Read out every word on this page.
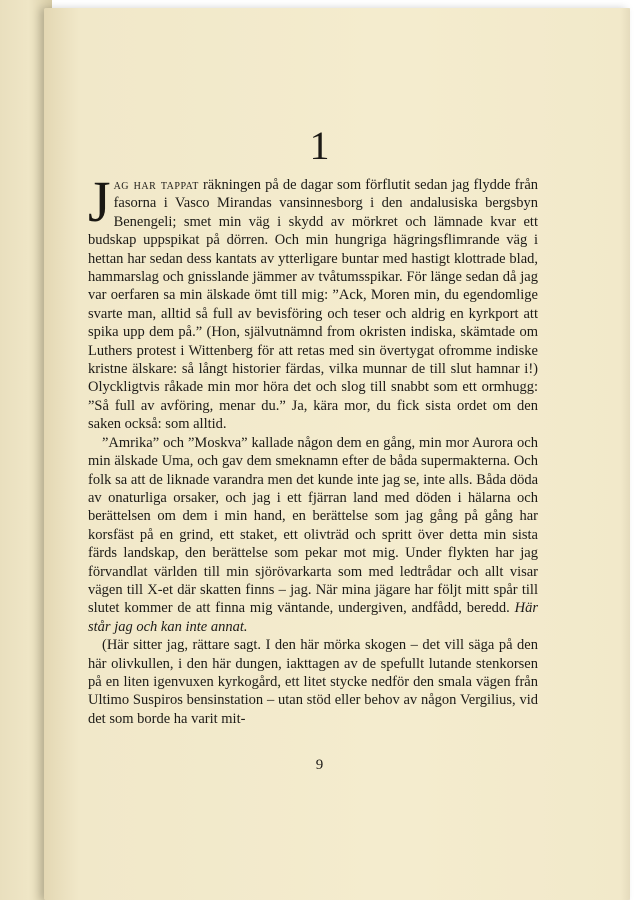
1

Jag har tappat räkningen på de dagar som förflutit sedan jag flydde från fasorna i Vasco Mirandas vansinnesborg i den andalusiska bergsbyn Benengeli; smet min väg i skydd av mörkret och lämnade kvar ett budskap uppspikat på dörren. Och min hungriga hägringsflimrande väg i hettan har sedan dess kantats av ytterligare buntar med hastigt klottrade blad, hammarslag och gnisslande jämmer av tvåtumsspikar. För länge sedan då jag var oerfaren sa min älskade ömt till mig: ”Ack, Moren min, du egendomlige svarte man, alltid så full av bevisföring och teser och aldrig en kyrkport att spika upp dem på.” (Hon, självutnämnd from okristen indiska, skämtade om Luthers protest i Wittenberg för att retas med sin övertygat ofromme indiske kristne älskare: så långt historier färdas, vilka munnar de till slut hamnar i!) Olyckligtvis råkade min mor höra det och slog till snabbt som ett ormhugg: ”Så full av avföring, menar du.” Ja, kära mor, du fick sista ordet om den saken också: som alltid.

”Amrika” och ”Moskva” kallade någon dem en gång, min mor Aurora och min älskade Uma, och gav dem smeknamn efter de båda supermakterna. Och folk sa att de liknade varandra men det kunde inte jag se, inte alls. Båda döda av onaturliga orsaker, och jag i ett fjärran land med döden i hälarna och berättelsen om dem i min hand, en berättelse som jag gång på gång har korsfäst på en grind, ett staket, ett olivträd och spritt över detta min sista färds landskap, den berättelse som pekar mot mig. Under flykten har jag förvandlat världen till min sjörövarkarta som med ledtrådar och allt visar vägen till X-et där skatten finns – jag. När mina jägare har följt mitt spår till slutet kommer de att finna mig väntande, undergiven, andfådd, beredd. Här står jag och kan inte annat.

(Här sitter jag, rättare sagt. I den här mörka skogen – det vill säga på den här olivkullen, i den här dungen, iakttagen av de spefullt lutande stenkorsen på en liten igenvuxen kyrkogård, ett litet stycke nedför den smala vägen från Ultimo Suspiros bensinstation – utan stöd eller behov av någon Vergilius, vid det som borde ha varit mit-

9
